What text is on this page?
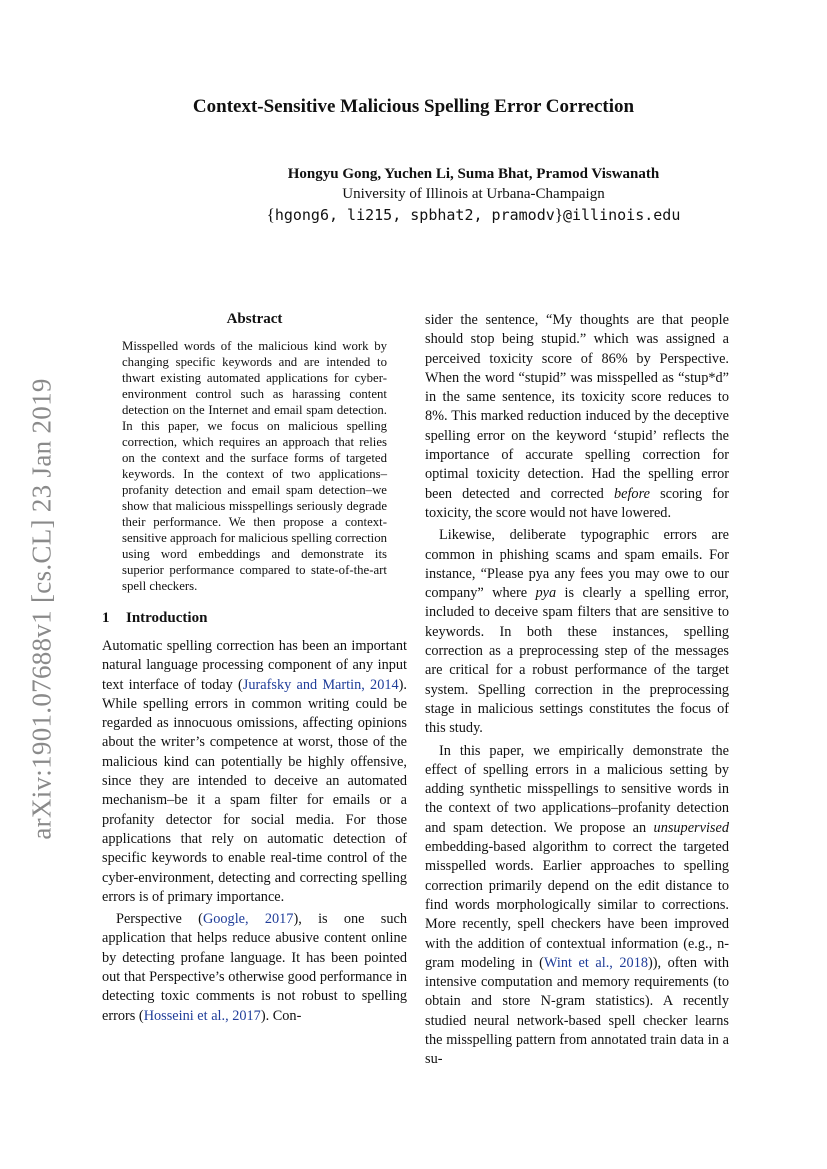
arXiv:1901.07688v1 [cs.CL] 23 Jan 2019
Context-Sensitive Malicious Spelling Error Correction
Hongyu Gong, Yuchen Li, Suma Bhat, Pramod Viswanath
University of Illinois at Urbana-Champaign
{hgong6, li215, spbhat2, pramodv}@illinois.edu
Abstract

Misspelled words of the malicious kind work by changing specific keywords and are intended to thwart existing automated applications for cyber-environment control such as harassing content detection on the Internet and email spam detection. In this paper, we focus on malicious spelling correction, which requires an approach that relies on the context and the surface forms of targeted keywords. In the context of two applications–profanity detection and email spam detection–we show that malicious misspellings seriously degrade their performance. We then propose a context-sensitive approach for malicious spelling correction using word embeddings and demonstrate its superior performance compared to state-of-the-art spell checkers.

1 Introduction

Automatic spelling correction has been an important natural language processing component of any input text interface of today (Jurafsky and Martin, 2014). While spelling errors in common writing could be regarded as innocuous omissions, affecting opinions about the writer’s competence at worst, those of the malicious kind can potentially be highly offensive, since they are intended to deceive an automated mechanism–be it a spam filter for emails or a profanity detector for social media. For those applications that rely on automatic detection of specific keywords to enable real-time control of the cyber-environment, detecting and correcting spelling errors is of primary importance.

Perspective (Google, 2017), is one such application that helps reduce abusive content online by detecting profane language. It has been pointed out that Perspective’s otherwise good performance in detecting toxic comments is not robust to spelling errors (Hosseini et al., 2017). Con-

sider the sentence, “My thoughts are that people should stop being stupid.” which was assigned a perceived toxicity score of 86% by Perspective. When the word “stupid” was misspelled as “stup*d” in the same sentence, its toxicity score reduces to 8%. This marked reduction induced by the deceptive spelling error on the keyword ‘stupid’ reflects the importance of accurate spelling correction for optimal toxicity detection. Had the spelling error been detected and corrected before scoring for toxicity, the score would not have lowered.

Likewise, deliberate typographic errors are common in phishing scams and spam emails. For instance, “Please pya any fees you may owe to our company” where pya is clearly a spelling error, included to deceive spam filters that are sensitive to keywords. In both these instances, spelling correction as a preprocessing step of the messages are critical for a robust performance of the target system. Spelling correction in the preprocessing stage in malicious settings constitutes the focus of this study.

In this paper, we empirically demonstrate the effect of spelling errors in a malicious setting by adding synthetic misspellings to sensitive words in the context of two applications–profanity detection and spam detection. We propose an unsupervised embedding-based algorithm to correct the targeted misspelled words. Earlier approaches to spelling correction primarily depend on the edit distance to find words morphologically similar to corrections. More recently, spell checkers have been improved with the addition of contextual information (e.g., n-gram modeling in (Wint et al., 2018)), often with intensive computation and memory requirements (to obtain and store N-gram statistics). A recently studied neural network-based spell checker learns the misspelling pattern from annotated train data in a su-
